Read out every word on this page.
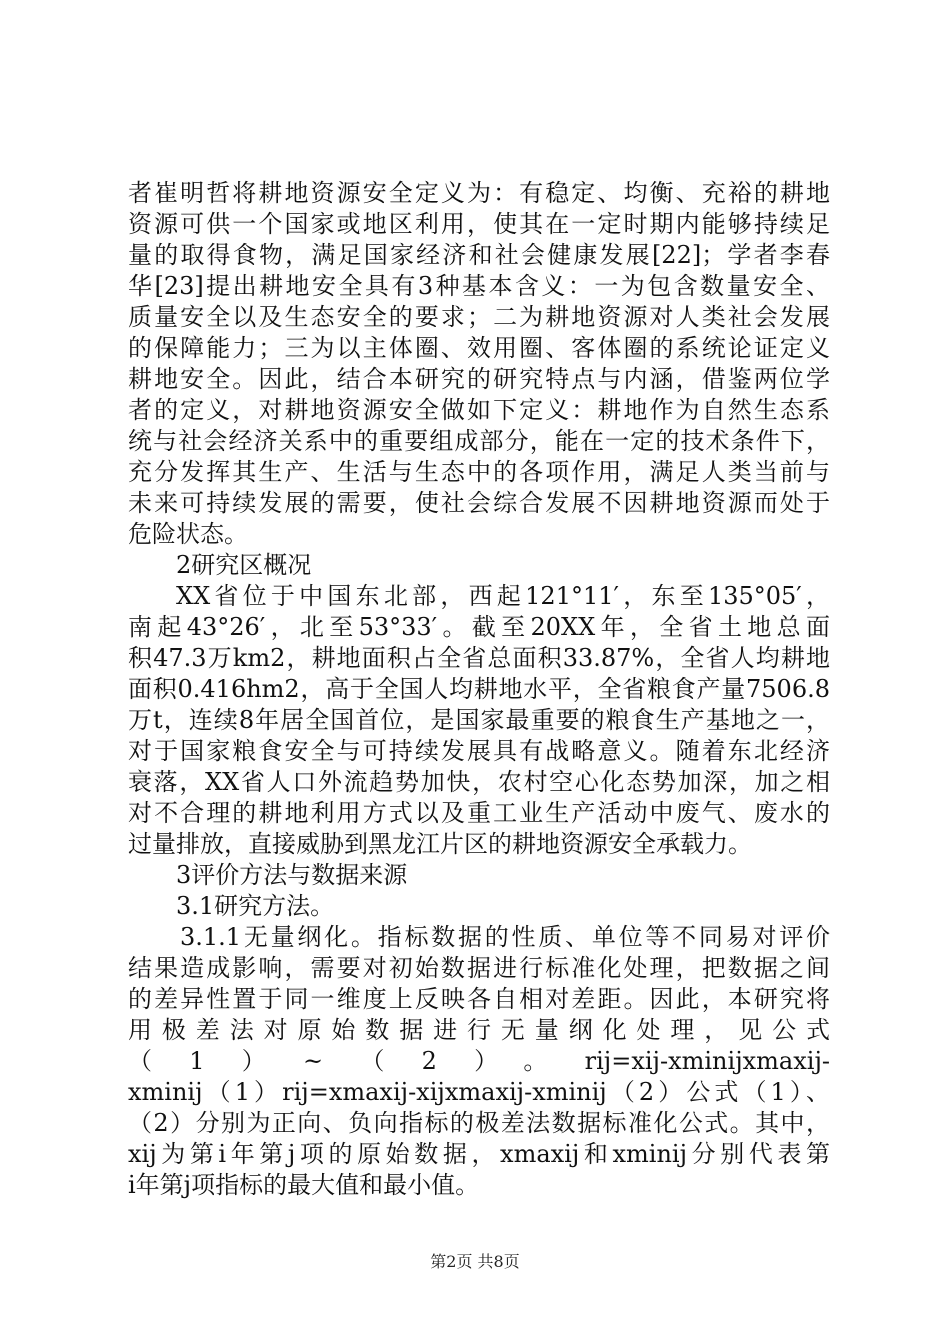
者崔明哲将耕地资源安全定义为：有稳定、均衡、充裕的耕地
资源可供一个国家或地区利用，使其在一定时期内能够持续足
量的取得食物，满足国家经济和社会健康发展[22]；学者李春
华[23]提出耕地安全具有3种基本含义：一为包含数量安全、
质量安全以及生态安全的要求；二为耕地资源对人类社会发展
的保障能力；三为以主体圈、效用圈、客体圈的系统论证定义
耕地安全。因此，结合本研究的研究特点与内涵，借鉴两位学
者的定义，对耕地资源安全做如下定义：耕地作为自然生态系
统与社会经济关系中的重要组成部分，能在一定的技术条件下，
充分发挥其生产、生活与生态中的各项作用，满足人类当前与
未来可持续发展的需要，使社会综合发展不因耕地资源而处于
危险状态。
2研究区概况
XX省位于中国东北部，西起121°11′，东至135°05′，
南起43°26′，北至53°33′。截至20XX年，全省土地总面
积47.3万km2，耕地面积占全省总面积33.87%，全省人均耕地
面积0.416hm2，高于全国人均耕地水平，全省粮食产量7506.8
万t，连续8年居全国首位，是国家最重要的粮食生产基地之一，
对于国家粮食安全与可持续发展具有战略意义。随着东北经济
衰落，XX省人口外流趋势加快，农村空心化态势加深，加之相
对不合理的耕地利用方式以及重工业生产活动中废气、废水的
过量排放，直接威胁到黑龙江片区的耕地资源安全承载力。
3评价方法与数据来源
3.1研究方法。
3.1.1无量纲化。指标数据的性质、单位等不同易对评价
结果造成影响，需要对初始数据进行标准化处理，把数据之间
的差异性置于同一维度上反映各自相对差距。因此，本研究将
用极差法对原始数据进行无量纲化处理，见公式
（1）~（2）。rij=xij-xminijxmaxij-
xminij（1）rij=xmaxij-xijxmaxij-xminij（2）公式（1）、
（2）分别为正向、负向指标的极差法数据标准化公式。其中，
xij为第i年第j项的原始数据，xmaxij和xminij分别代表第
i年第j项指标的最大值和最小值。
第2页 共8页
